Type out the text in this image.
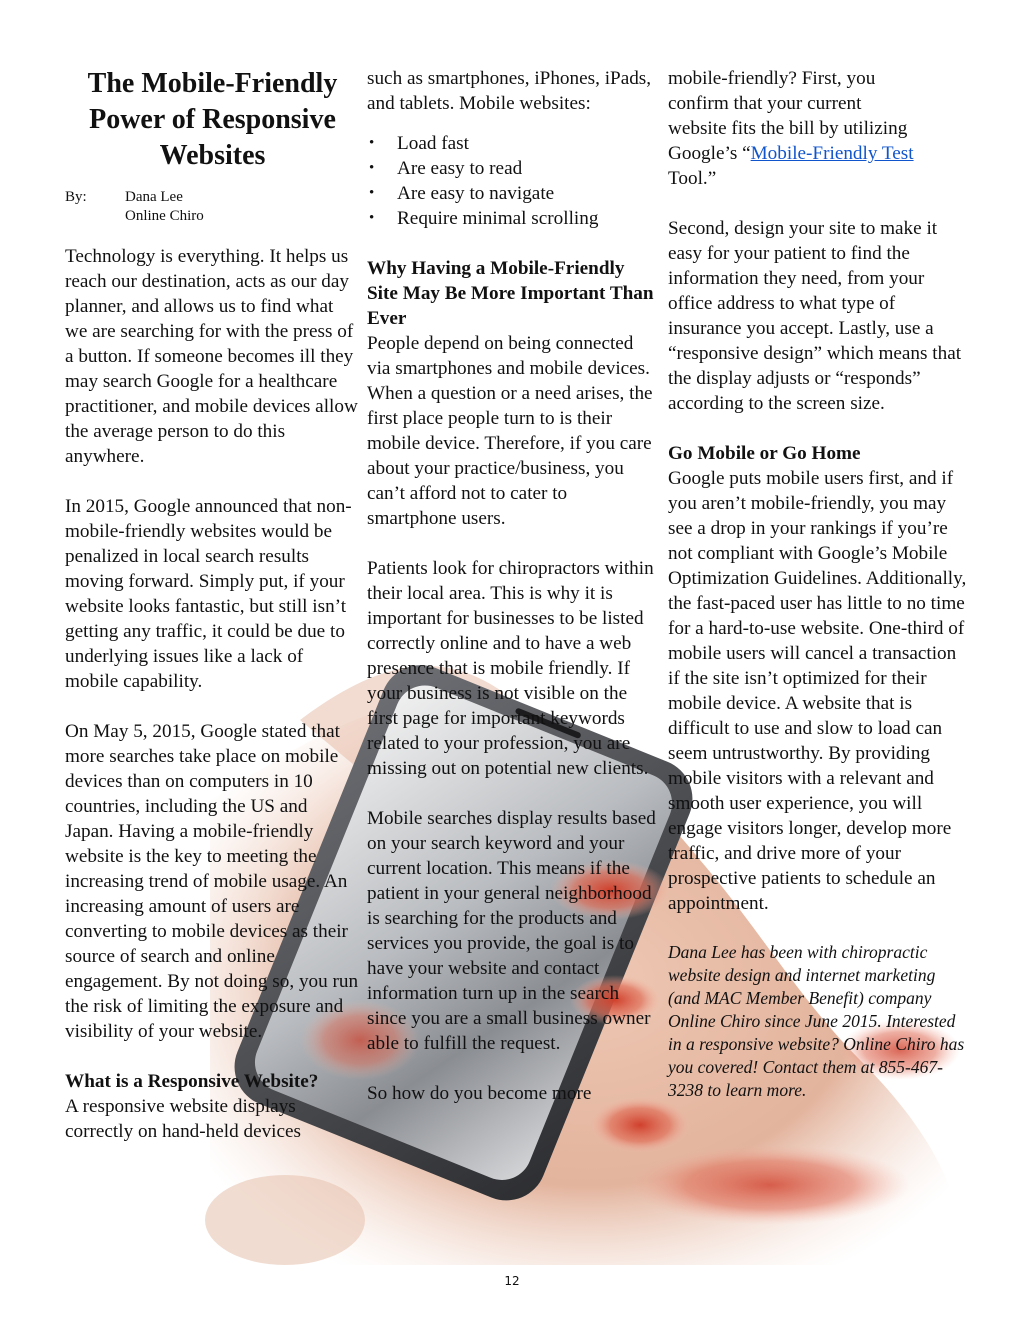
The Mobile-Friendly Power of Responsive Websites
By:	Dana Lee
Online Chiro

Technology is everything. It helps us reach our destination, acts as our day planner, and allows us to find what we are searching for with the press of a button. If someone becomes ill they may search Google for a healthcare practitioner, and mobile devices allow the average person to do this anywhere.

In 2015, Google announced that non-mobile-friendly websites would be penalized in local search results moving forward. Simply put, if your website looks fantastic, but still isn’t getting any traffic, it could be due to underlying issues like a lack of mobile capability.

On May 5, 2015, Google stated that more searches take place on mobile devices than on computers in 10 countries, including the US and Japan. Having a mobile-friendly website is the key to meeting the increasing trend of mobile usage. An increasing amount of users are converting to mobile devices as their source of search and online engagement. By not doing so, you run the risk of limiting the exposure and visibility of your website.

What is a Responsive Website?

A responsive website displays correctly on hand-held devices

such as smartphones, iPhones, iPads, and tablets. Mobile websites:

• Load fast
• Are easy to read
• Are easy to navigate
• Require minimal scrolling
Why Having a Mobile-Friendly Site May Be More Important Than Ever

People depend on being connected via smartphones and mobile devices. When a question or a need arises, the first place people turn to is their mobile device. Therefore, if you care about your practice/business, you can’t afford not to cater to smartphone users.

Patients look for chiropractors within their local area. This is why it is important for businesses to be listed correctly online and to have a web presence that is mobile friendly. If your business is not visible on the first page for important keywords related to your profession, you are missing out on potential new clients.

Mobile searches display results based on your search keyword and your current location. This means if the patient in your general neighborhood is searching for the products and services you provide, the goal is to have your website and contact information turn up in the search since you are a small business owner able to fulfill the request.

So how do you become more

mobile-friendly? First, you
confirm that your current
website fits the bill by utilizing
Google’s “Mobile-Friendly Test
Tool.”

Second, design your site to make it easy for your patient to find the information they need, from your office address to what type of insurance you accept. Lastly, use a “responsive design” which means that the display adjusts or “responds” according to the screen size.

Go Mobile or Go Home

Google puts mobile users first, and if you aren’t mobile-friendly, you may see a drop in your rankings if you’re not compliant with Google’s Mobile Optimization Guidelines. Additionally, the fast-paced user has little to no time for a hard-to-use website. One-third of mobile users will cancel a transaction if the site isn’t optimized for their mobile device. A website that is difficult to use and slow to load can seem untrustworthy. By providing mobile visitors with a relevant and smooth user experience, you will engage visitors longer, develop more traffic, and drive more of your prospective patients to schedule an appointment.

Dana Lee has been with chiropractic website design and internet marketing (and MAC Member Benefit) company Online Chiro since June 2015. Interested in a responsive website? Online Chiro has you covered! Contact them at 855-467-3238 to learn more.

12
